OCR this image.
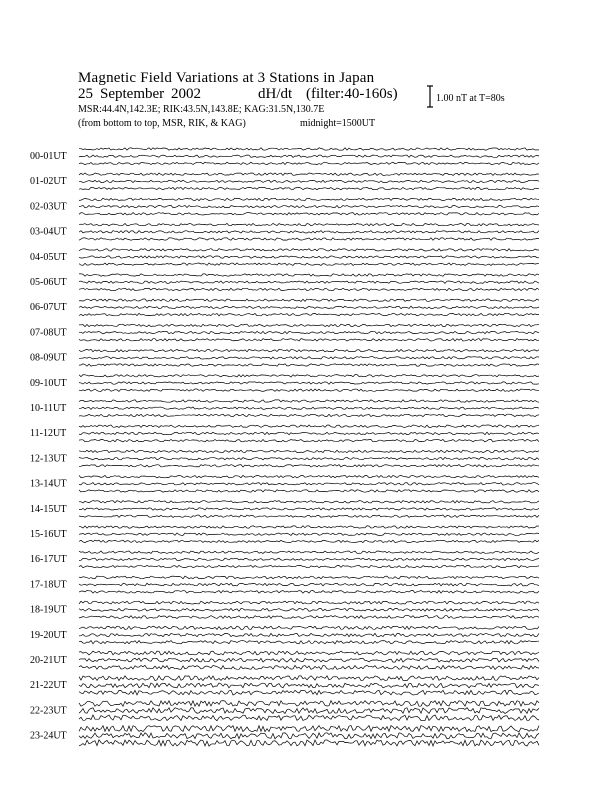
Magnetic Field Variations at 3 Stations in Japan
25 September 2002	dH/dt (filter:40-160s)
MSR:44.4N,142.3E; RIK:43.5N,143.8E; KAG:31.5N,130.7E
(from bottom to top, MSR, RIK, & KAG)	midnight=1500UT
1.00 nT at T=80s
00-01UT
01-02UT
02-03UT
03-04UT
04-05UT
05-06UT
06-07UT
07-08UT
08-09UT
09-10UT
10-11UT
11-12UT
12-13UT
13-14UT
14-15UT
15-16UT
16-17UT
17-18UT
18-19UT
19-20UT
20-21UT
21-22UT
22-23UT
23-24UT
